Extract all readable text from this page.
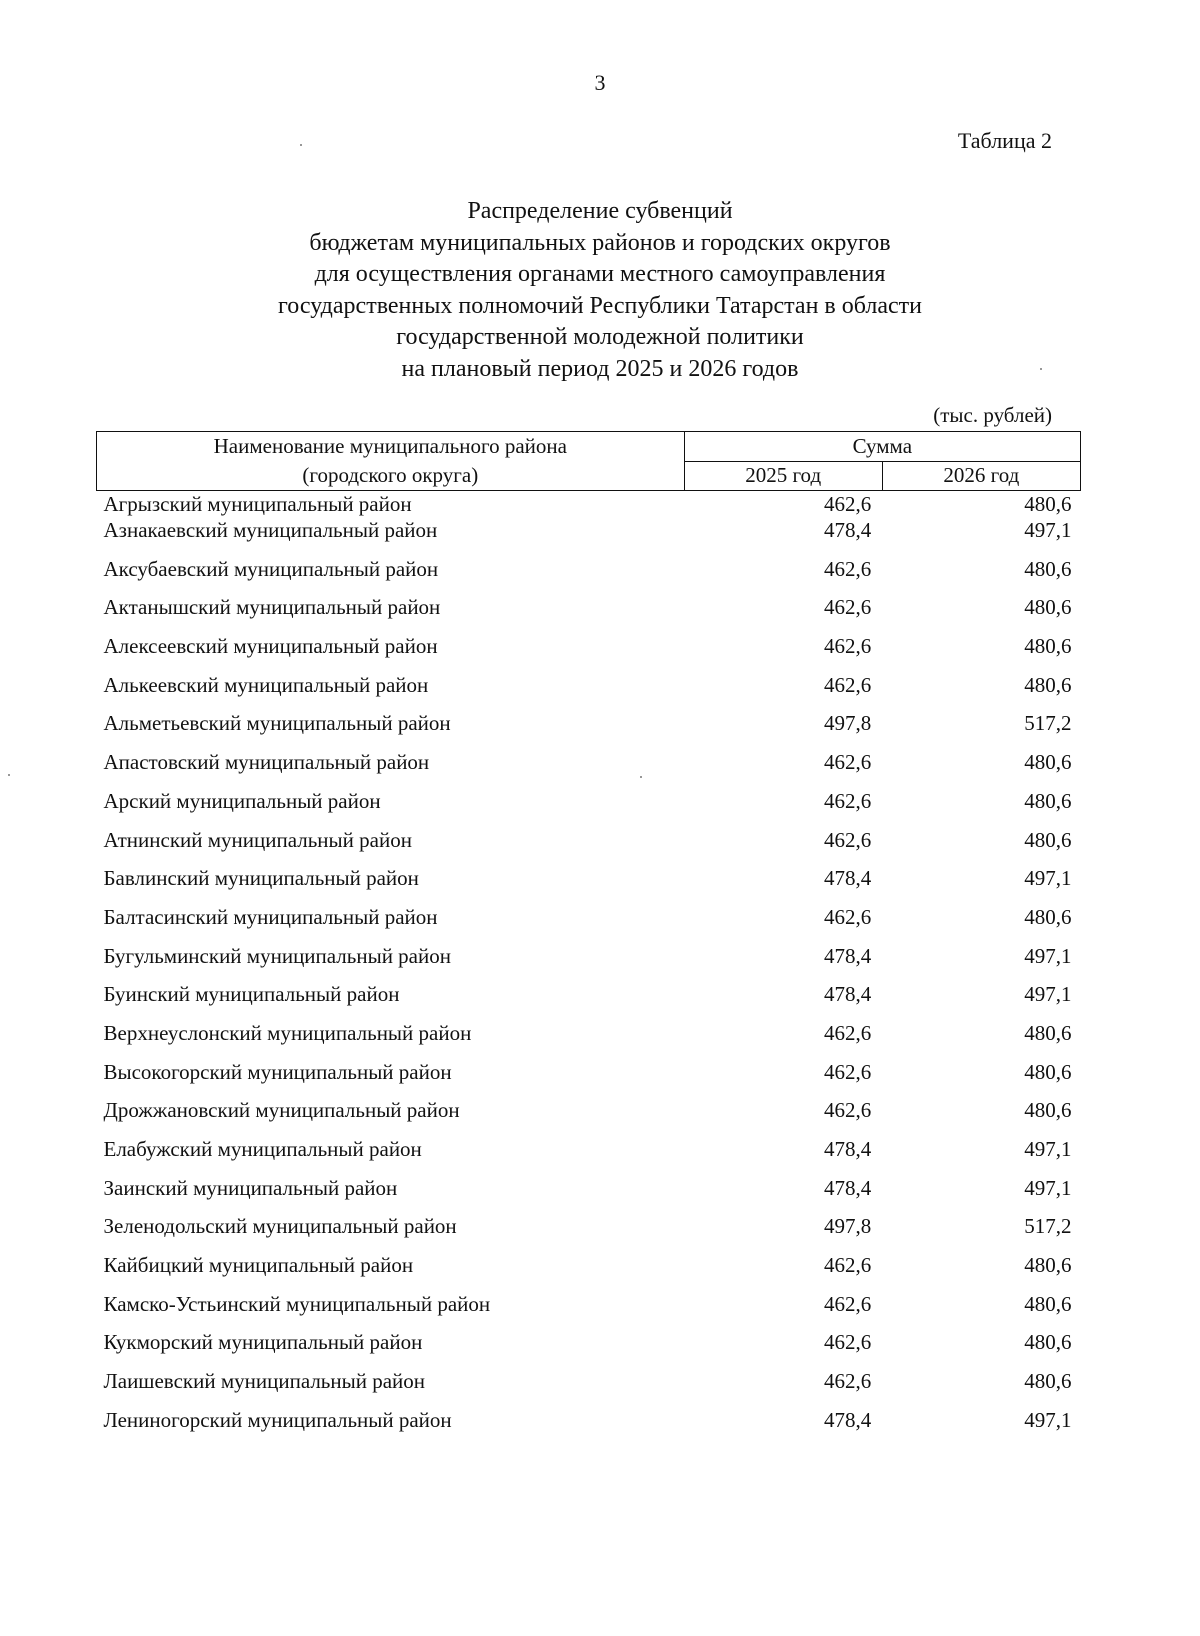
3
Таблица 2
Распределение субвенций
бюджетам муниципальных районов и городских округов
для осуществления органами местного самоуправления
государственных полномочий Республики Татарстан в области
государственной молодежной политики
на плановый период 2025 и 2026 годов
(тыс. рублей)
Наименование муниципального района
(городского округа)	Сумма	
	2025 год	2026 год
Агрызский муниципальный район	462,6	480,6
Азнакаевский муниципальный район	478,4	497,1
Аксубаевский муниципальный район	462,6	480,6
Актанышский муниципальный район	462,6	480,6
Алексеевский муниципальный район	462,6	480,6
Алькеевский муниципальный район	462,6	480,6
Альметьевский муниципальный район	497,8	517,2
Апастовский муниципальный район	462,6	480,6
Арский муниципальный район	462,6	480,6
Атнинский муниципальный район	462,6	480,6
Бавлинский муниципальный район	478,4	497,1
Балтасинский муниципальный район	462,6	480,6
Бугульминский муниципальный район	478,4	497,1
Буинский муниципальный район	478,4	497,1
Верхнеуслонский муниципальный район	462,6	480,6
Высокогорский муниципальный район	462,6	480,6
Дрожжановский муниципальный район	462,6	480,6
Елабужский муниципальный район	478,4	497,1
Заинский муниципальный район	478,4	497,1
Зеленодольский муниципальный район	497,8	517,2
Кайбицкий муниципальный район	462,6	480,6
Камско-Устьинский муниципальный район	462,6	480,6
Кукморский муниципальный район	462,6	480,6
Лаишевский муниципальный район	462,6	480,6
Лениногорский муниципальный район	478,4	497,1
